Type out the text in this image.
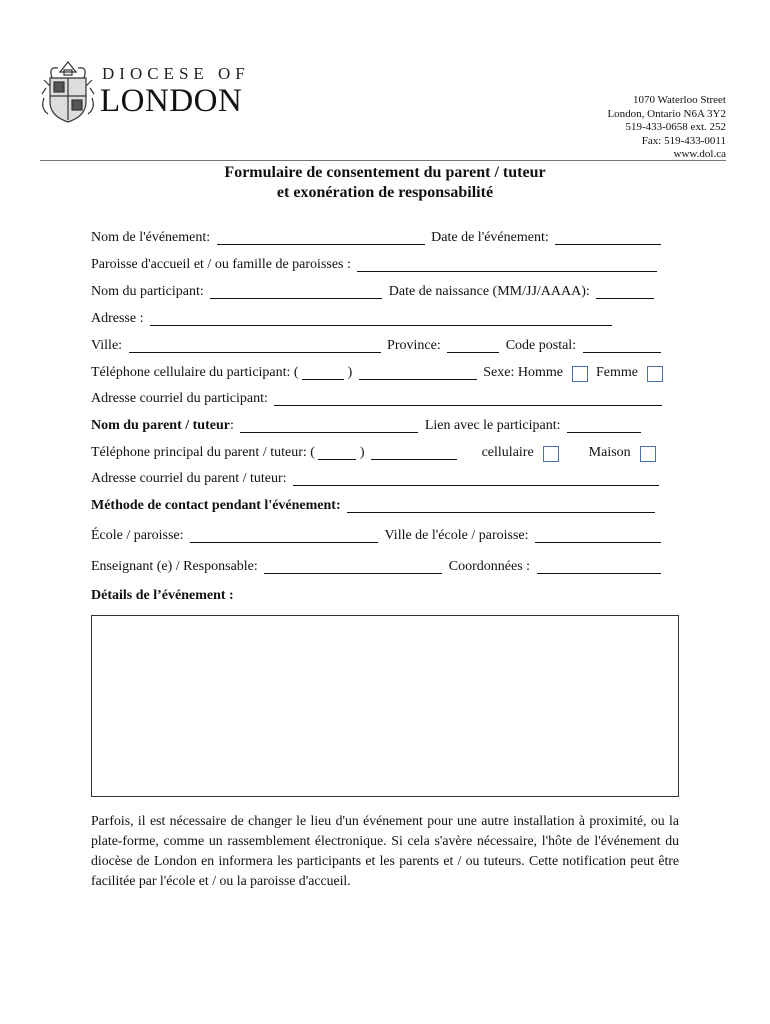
DIOCESE OF
LONDON	1070 Waterloo Street
London, Ontario N6A 3Y2
519-433-0658 ext. 252
Fax: 519-433-0011
www.dol.ca
Formulaire de consentement du parent / tuteur
et exonération de responsabilité
Nom de l'événement:	Date de l'événement:
Paroisse d'accueil et / ou famille de paroisses :
Nom du participant:	Date de naissance (MM/JJ/AAAA):
Adresse :
Ville:	Province:	Code postal:
Téléphone cellulaire du participant: (	)	Sexe: Homme Femme
Adresse courriel du participant:
Nom du parent / tuteur:	Lien avec le participant:
Téléphone principal du parent / tuteur: (	)	cellulaire	Maison
Adresse courriel du parent / tuteur:
Méthode de contact pendant l'événement:
École / paroisse:	Ville de l'école / paroisse:
Enseignant (e) / Responsable:	Coordonnées :
Détails de l’événement :
Parfois, il est nécessaire de changer le lieu d'un événement pour une autre installation à proximité, ou la plate-forme, comme un rassemblement électronique. Si cela s'avère nécessaire, l'hôte de l'événement du diocèse de London en informera les participants et les parents et / ou tuteurs. Cette notification peut être facilitée par l'école et / ou la paroisse d'accueil.
